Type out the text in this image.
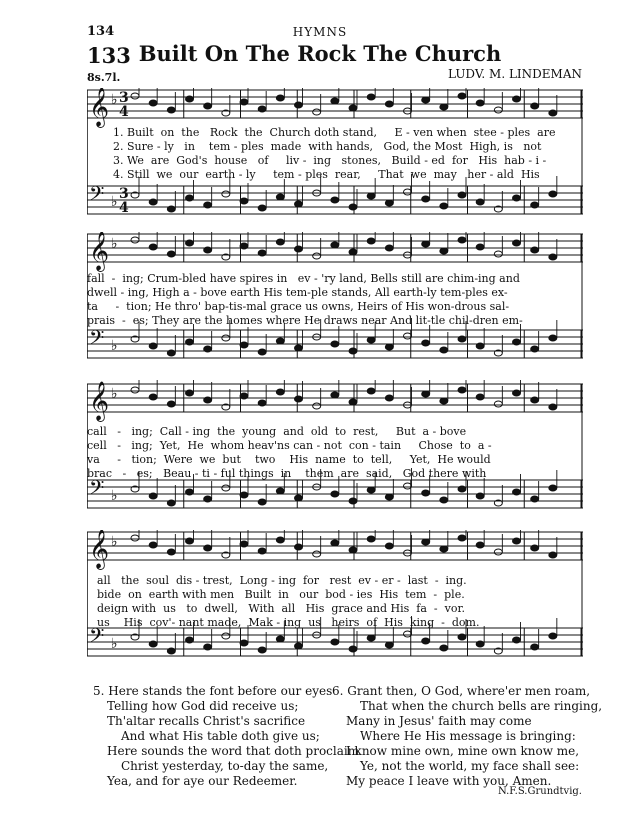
134	HYMNS
133 Built On The Rock The Church
8s.7l.	LUDV. M. LINDEMAN
𝄞 ♭
𝄢 ♭
3
3
4
4
1. Built  on  the   Rock  the  Church doth stand,     E - ven when  stee - ples  are
2. Sure - ly   in    tem - ples  made  with hands,   God, the Most  High, is   not
3. We  are  God's  house   of     liv -  ing   stones,   Build - ed  for   His  hab - i -
4. Still  we  our  earth - ly     tem - ples  rear,     That  we  may   her - ald  His
𝄞 ♭
𝄢 ♭
fall  -  ing; Crum-bled have spires in   ev - 'ry land, Bells still are chim-ing and
dwell - ing, High a - bove earth His tem-ple stands, All earth-ly tem-ples ex-
ta     -  tion; He thro' bap-tis-mal grace us owns, Heirs of His won-drous sal-
prais  -  es; They are the homes where He draws near And lit-tle chil-dren em-
𝄞 ♭
𝄢 ♭
call   -   ing;  Call - ing  the  young  and  old  to  rest,     But  a - bove
cell   -   ing;  Yet,  He  whom heav'ns can - not  con - tain     Chose  to  a -
va     -   tion;  Were  we  but    two    His  name  to  tell,     Yet,  He would
brac   -   es;   Beau - ti - ful things  in    them  are  said,   God there with
𝄞 ♭
𝄢 ♭
all   the  soul  dis - trest,  Long - ing  for   rest  ev - er -  last  -  ing.
bide  on  earth with men   Built  in   our  bod - ies  His  tem  -  ple.
deign with  us   to  dwell,   With  all   His  grace and His  fa  -  vor.
us    His  cov'- nant made,  Mak - ing  us   heirs  of  His  king  -  dom.
5. Here stands the font before our eyes
Telling how God did receive us;
Th'altar recalls Christ's sacrifice
And what His table doth give us;
Here sounds the word that doth proclaim
Christ yesterday, to-day the same,
Yea, and for aye our Redeemer.
6. Grant then, O God, where'er men roam,
That when the church bells are ringing,
Many in Jesus' faith may come
Where He His message is bringing:
I know mine own, mine own know me,
Ye, not the world, my face shall see:
My peace I leave with you, Amen.
N.F.S.Grundtvig.
